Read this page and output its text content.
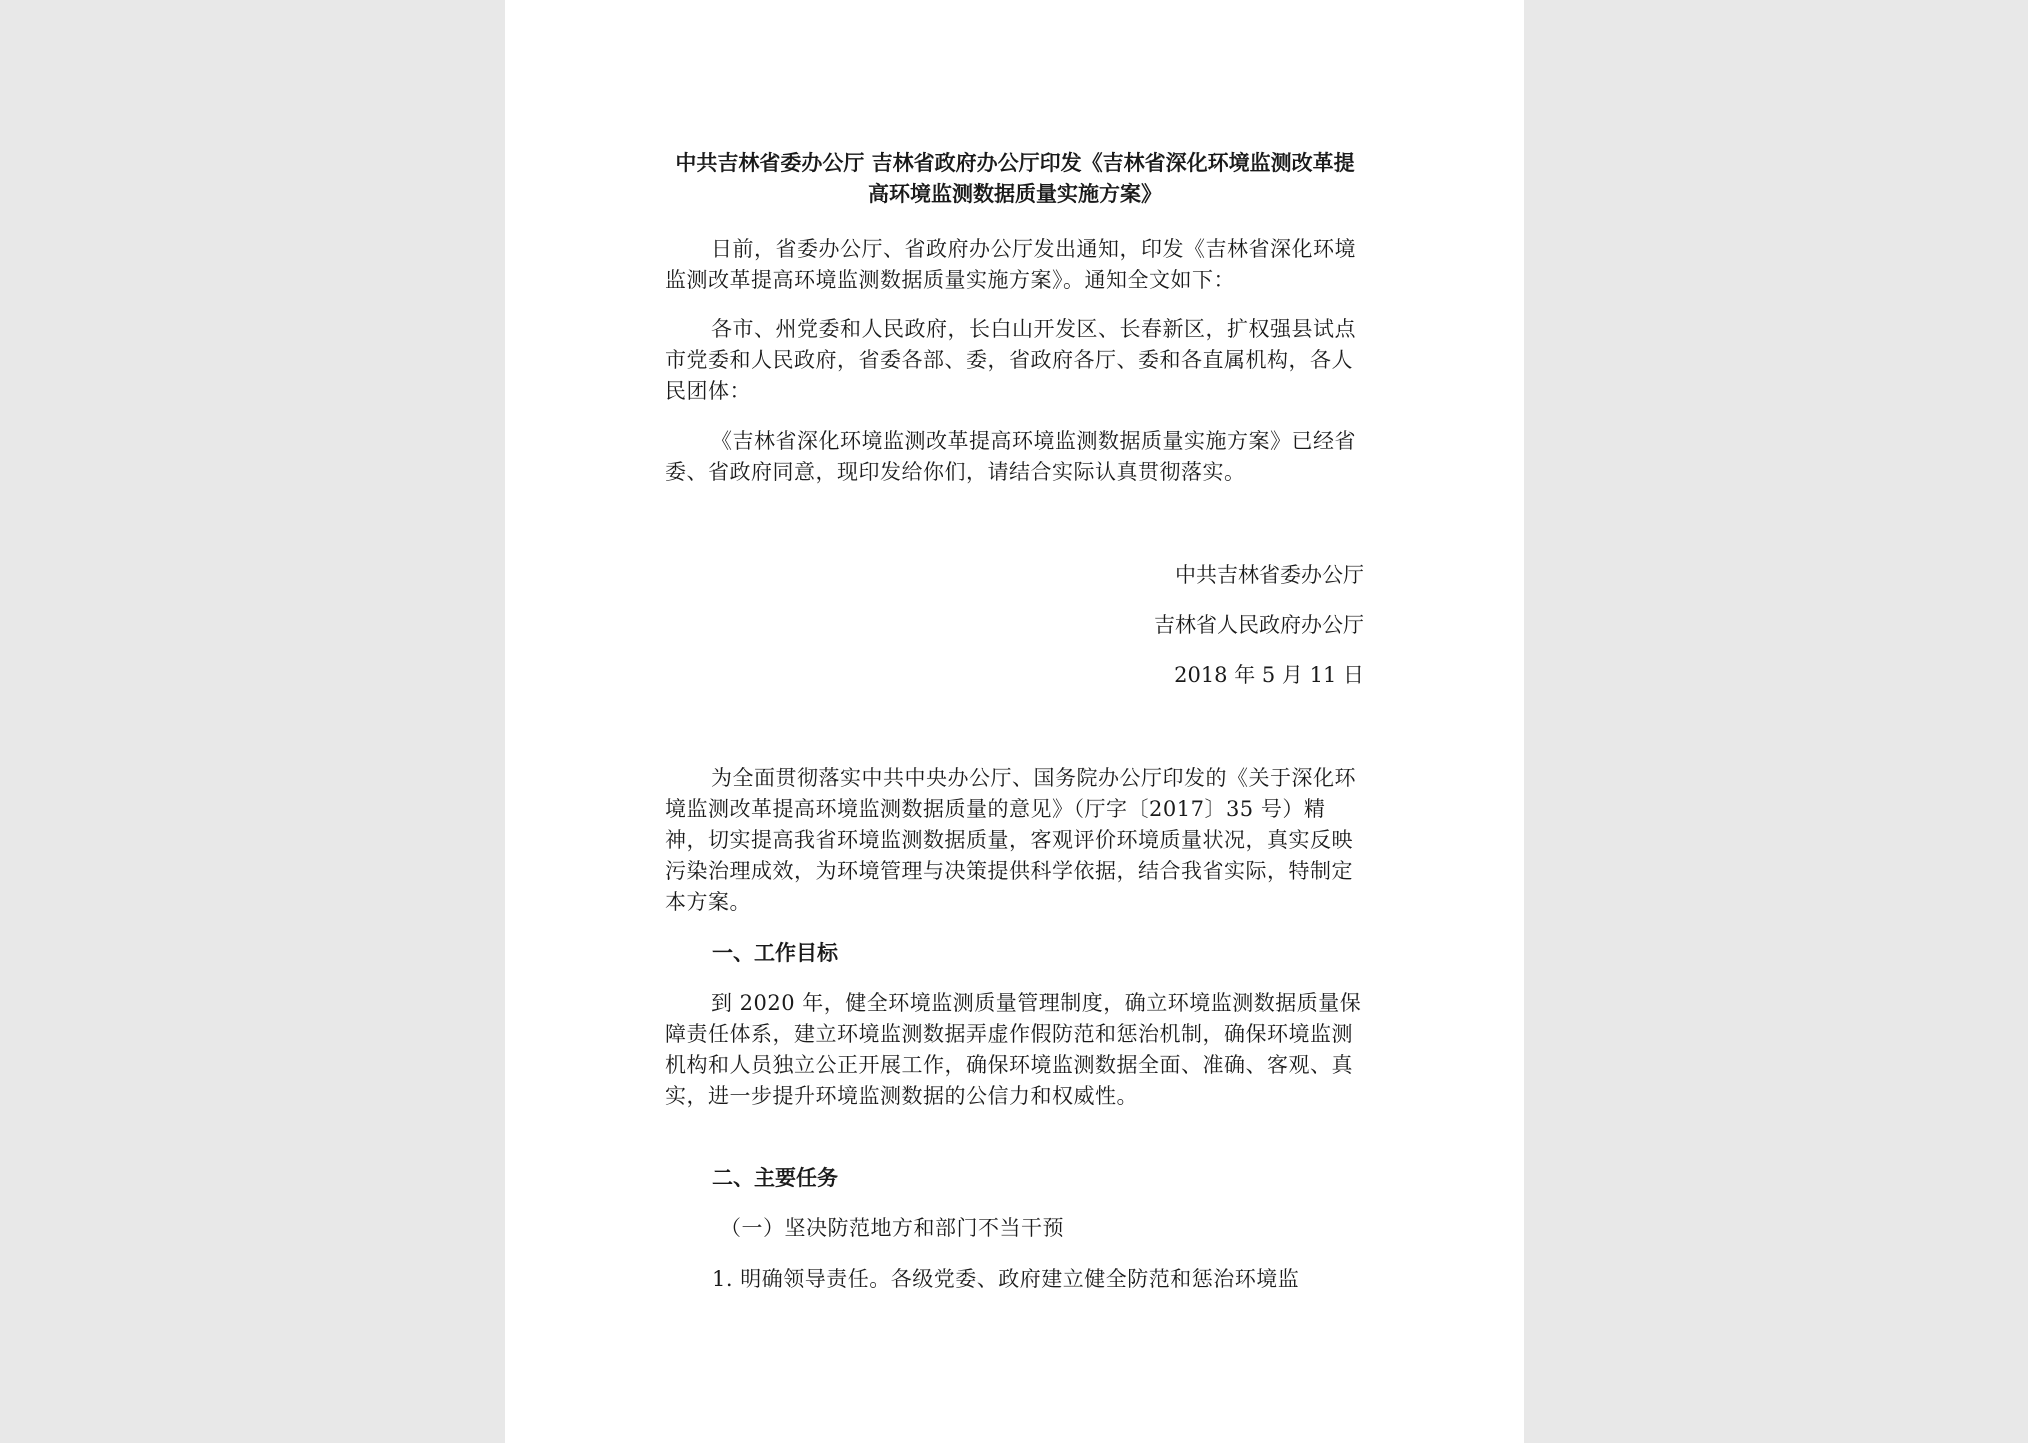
中共吉林省委办公厅 吉林省政府办公厅印发《吉林省深化环境监测改革提高环境监测数据质量实施方案》

日前，省委办公厅、省政府办公厅发出通知，印发《吉林省深化环境监测改革提高环境监测数据质量实施方案》。通知全文如下：

各市、州党委和人民政府，长白山开发区、长春新区，扩权强县试点市党委和人民政府，省委各部、委，省政府各厅、委和各直属机构，各人民团体：

《吉林省深化环境监测改革提高环境监测数据质量实施方案》已经省委、省政府同意，现印发给你们，请结合实际认真贯彻落实。

中共吉林省委办公厅

吉林省人民政府办公厅

2018 年 5 月 11 日

为全面贯彻落实中共中央办公厅、国务院办公厅印发的《关于深化环境监测改革提高环境监测数据质量的意见》（厅字〔2017〕35 号）精神，切实提高我省环境监测数据质量，客观评价环境质量状况，真实反映污染治理成效，为环境管理与决策提供科学依据，结合我省实际，特制定本方案。

一、工作目标

到 2020 年，健全环境监测质量管理制度，确立环境监测数据质量保障责任体系，建立环境监测数据弄虚作假防范和惩治机制，确保环境监测机构和人员独立公正开展工作，确保环境监测数据全面、准确、客观、真实，进一步提升环境监测数据的公信力和权威性。

二、主要任务

（一）坚决防范地方和部门不当干预

1. 明确领导责任。各级党委、政府建立健全防范和惩治环境监
